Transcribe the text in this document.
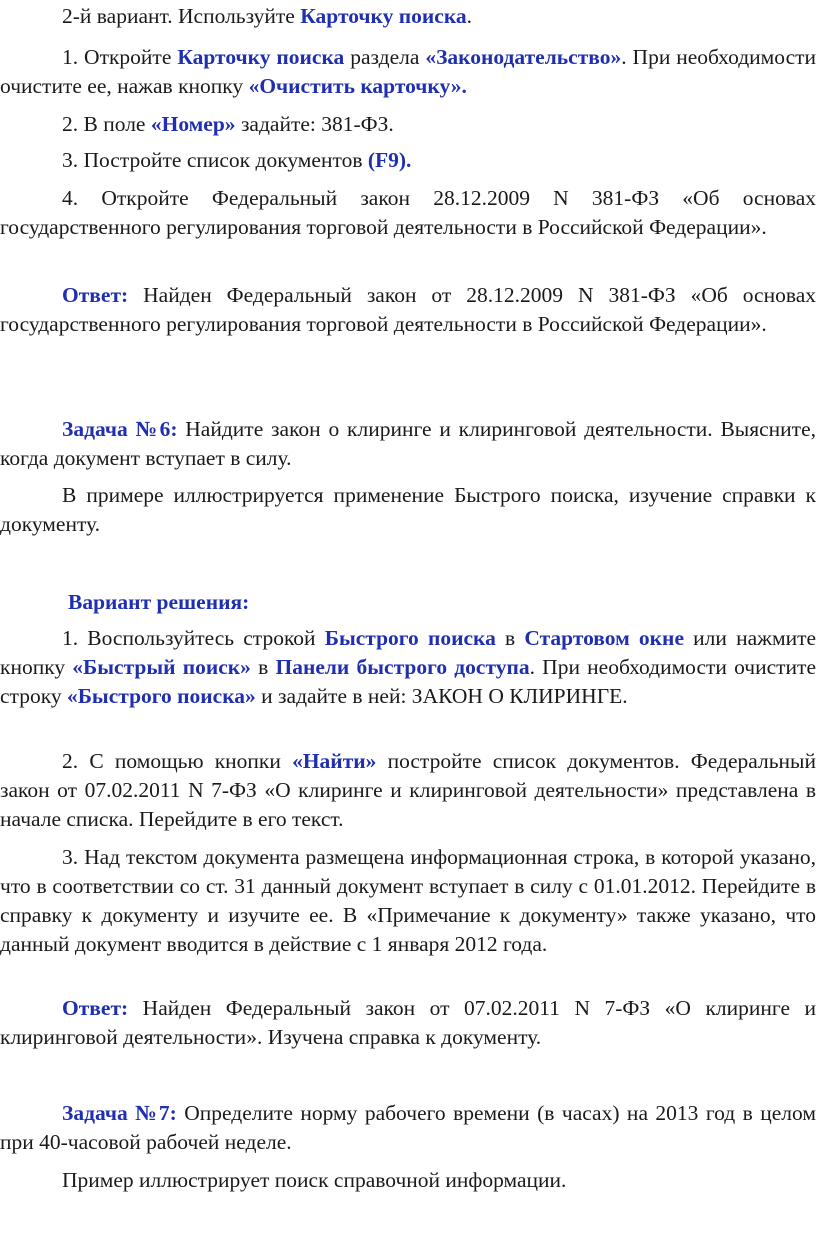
2-й вариант. Используйте Карточку поиска.

1. Откройте Карточку поиска раздела «Законодательство». При необходимости очистите ее, нажав кнопку «Очистить карточку».

2. В поле «Номер» задайте: 381-ФЗ.

3. Постройте список документов (F9).

4. Откройте Федеральный закон 28.12.2009 N 381-ФЗ «Об основах государственного регулирования торговой деятельности в Российской Федерации».

Ответ: Найден Федеральный закон от 28.12.2009 N 381-ФЗ «Об основах государственного регулирования торговой деятельности в Российской Федерации».

Задача №6: Найдите закон о клиринге и клиринговой деятельности. Выясните, когда документ вступает в силу.

В примере иллюстрируется применение Быстрого поиска, изучение справки к документу.

Вариант решения:

1. Воспользуйтесь строкой Быстрого поиска в Стартовом окне или нажмите кнопку «Быстрый поиск» в Панели быстрого доступа. При необходимости очистите строку «Быстрого поиска» и задайте в ней: ЗАКОН О КЛИРИНГЕ.

2. С помощью кнопки «Найти» постройте список документов. Федеральный закон от 07.02.2011 N 7-ФЗ «О клиринге и клиринговой деятельности» представлена в начале списка. Перейдите в его текст.

3. Над текстом документа размещена информационная строка, в которой указано, что в соответствии со ст. 31 данный документ вступает в силу с 01.01.2012. Перейдите в справку к документу и изучите ее. В «Примечание к документу» также указано, что данный документ вводится в действие с 1 января 2012 года.

Ответ: Найден Федеральный закон от 07.02.2011 N 7-ФЗ «О клиринге и клиринговой деятельности». Изучена справка к документу.

Задача №7: Определите норму рабочего времени (в часах) на 2013 год в целом при 40-часовой рабочей неделе.

Пример иллюстрирует поиск справочной информации.
